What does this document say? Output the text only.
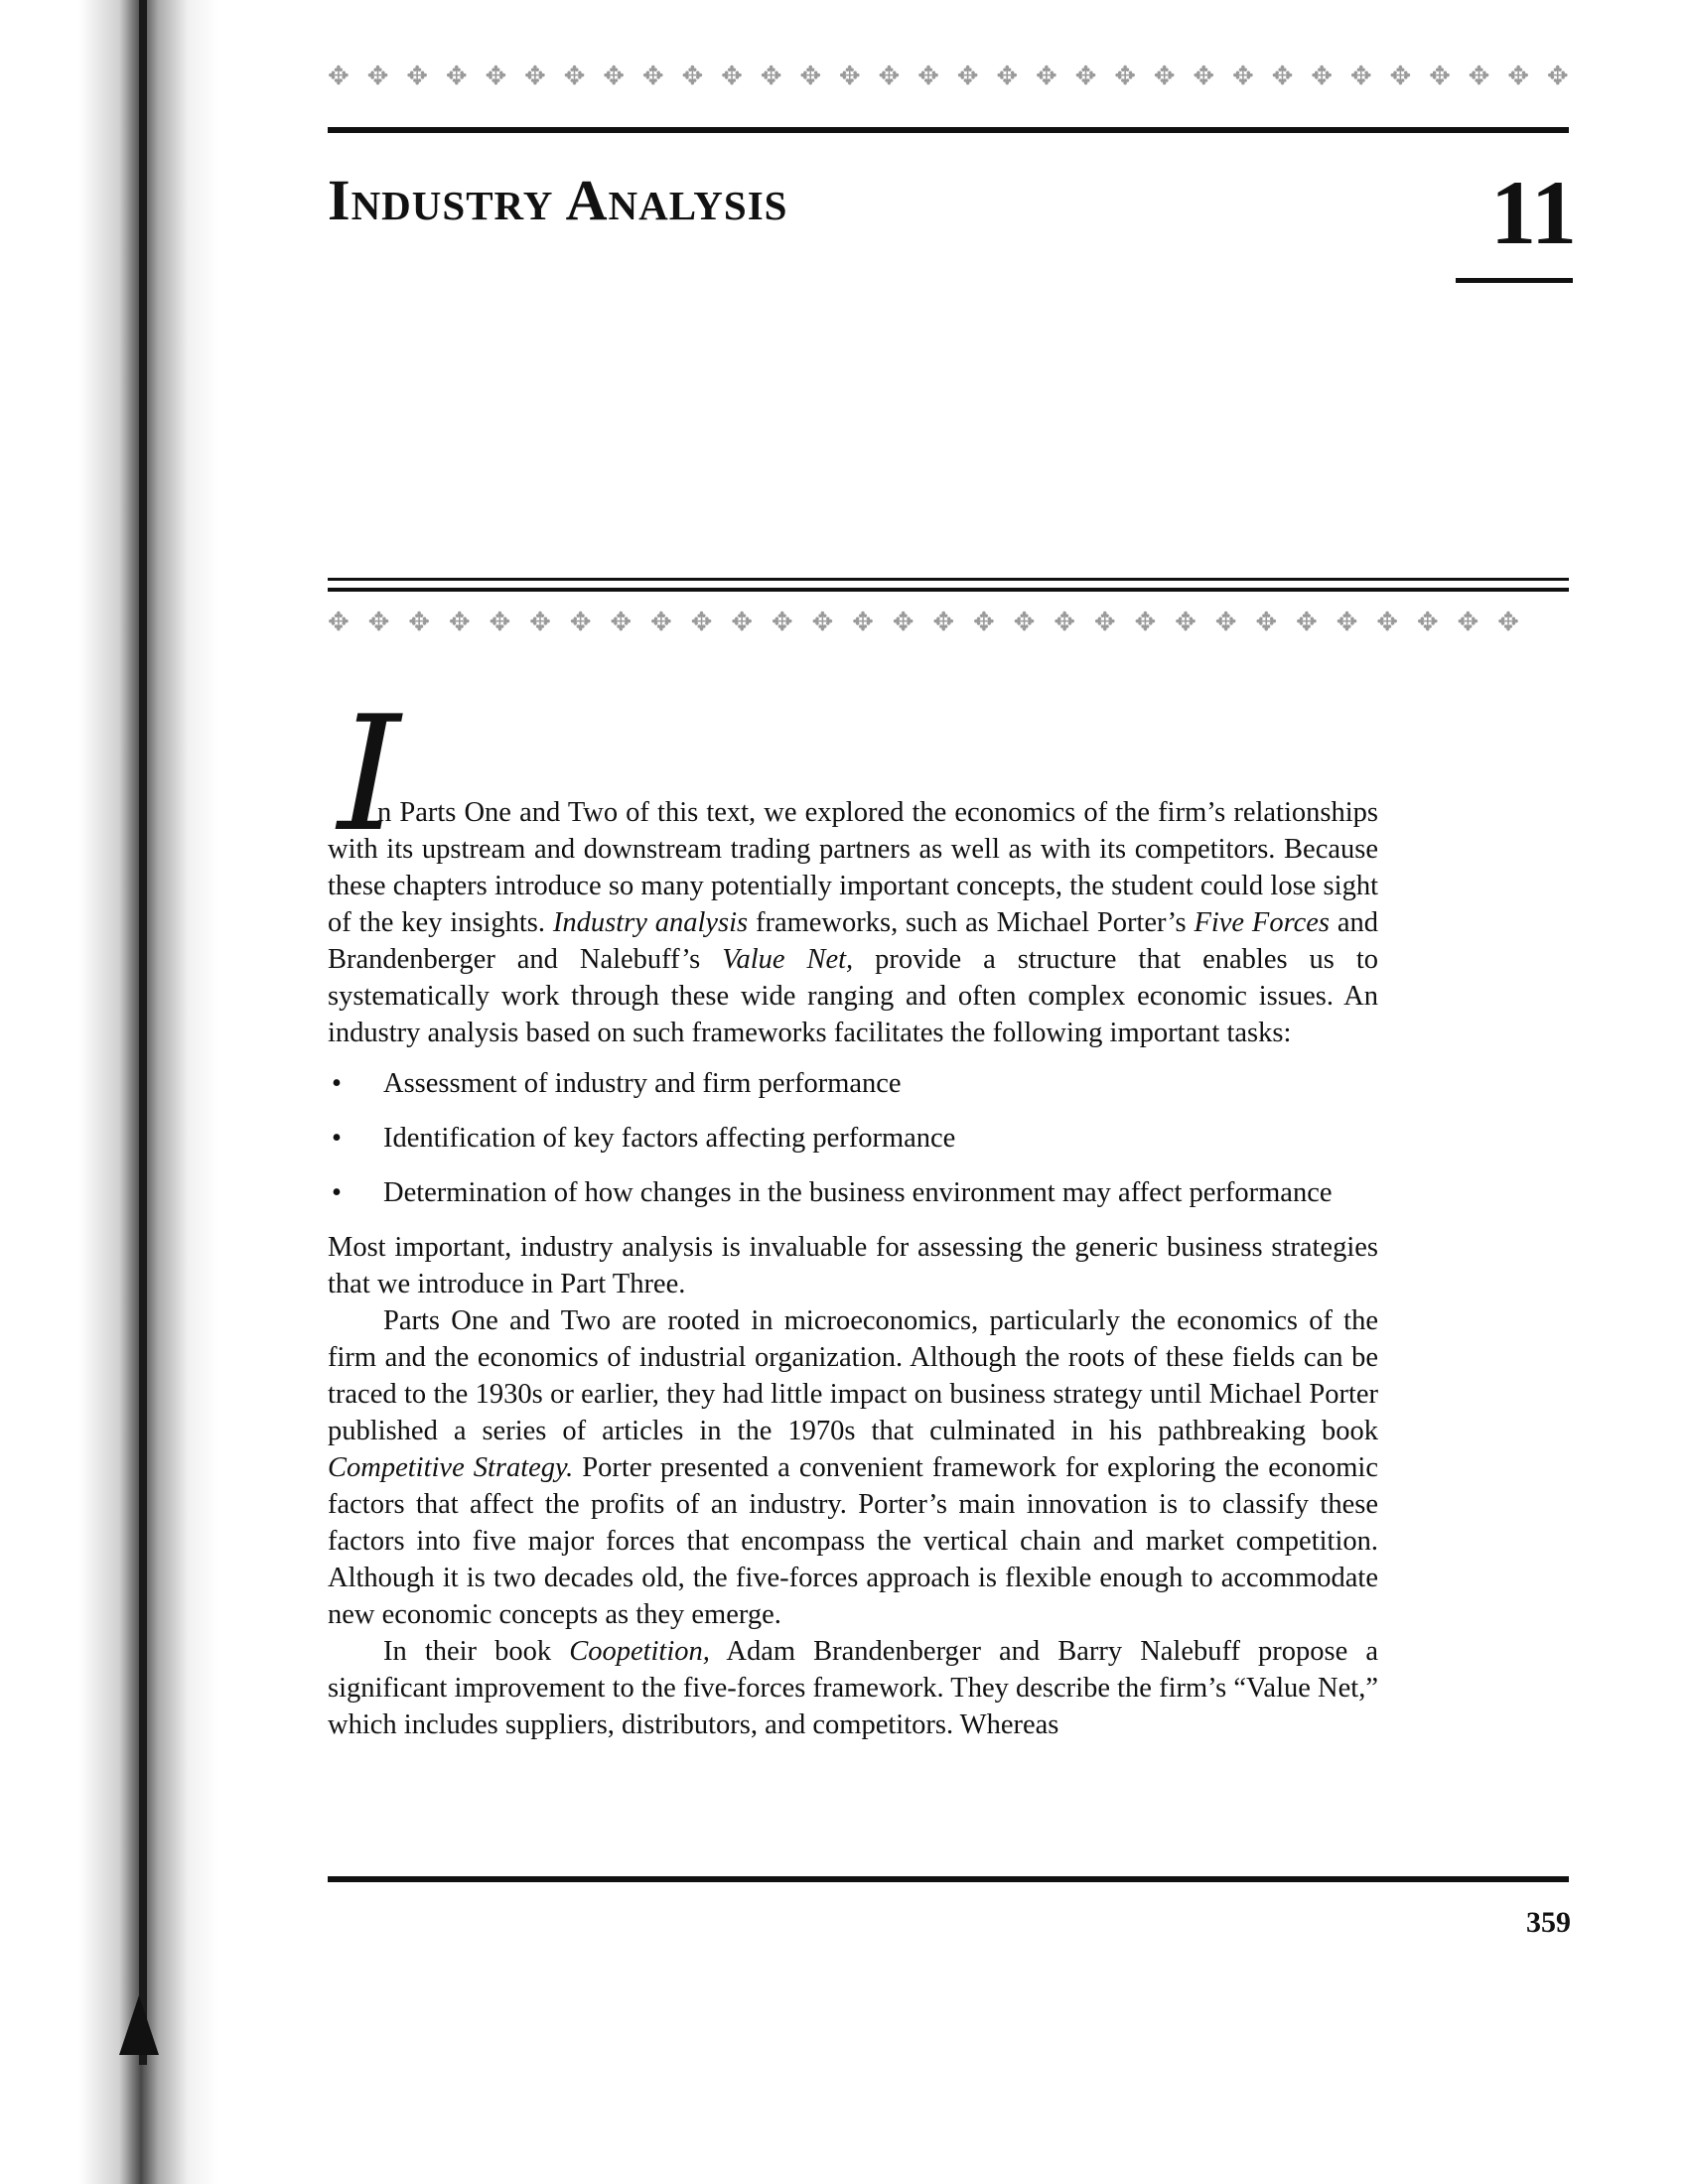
✥ ✥ ✥ ✥ ✥ ✥ ✥ ✥ ✥ ✥ ✥ ✥ ✥ ✥ ✥ ✥ ✥ ✥ ✥ ✥ ✥ ✥ ✥ ✥ ✥ ✥ ✥ ✥ ✥ ✥ ✥ ✥
Industry Analysis	11
✥ ✥ ✥ ✥ ✥ ✥ ✥ ✥ ✥ ✥ ✥ ✥ ✥ ✥ ✥ ✥ ✥ ✥ ✥ ✥ ✥ ✥ ✥ ✥ ✥ ✥ ✥ ✥ ✥ ✥
I

n Parts One and Two of this text, we explored the economics of the firm’s relationships with its upstream and downstream trading partners as well as with its competitors. Because these chapters introduce so many potentially important concepts, the student could lose sight of the key insights. Industry analysis frameworks, such as Michael Porter’s Five Forces and Brandenberger and Nalebuff’s Value Net, provide a structure that enables us to systematically work through these wide ranging and often complex economic issues. An industry analysis based on such frameworks facilitates the following important tasks:

• Assessment of industry and firm performance
• Identification of key factors affecting performance
• Determination of how changes in the business environment may affect performance

Most important, industry analysis is invaluable for assessing the generic business strategies that we introduce in Part Three.

Parts One and Two are rooted in microeconomics, particularly the economics of the firm and the economics of industrial organization. Although the roots of these fields can be traced to the 1930s or earlier, they had little impact on business strategy until Michael Porter published a series of articles in the 1970s that culminated in his pathbreaking book Competitive Strategy. Porter presented a convenient framework for exploring the economic factors that affect the profits of an industry. Porter’s main innovation is to classify these factors into five major forces that encompass the vertical chain and market competition. Although it is two decades old, the five-forces approach is flexible enough to accommodate new economic concepts as they emerge.

In their book Coopetition, Adam Brandenberger and Barry Nalebuff propose a significant improvement to the five-forces framework. They describe the firm’s “Value Net,” which includes suppliers, distributors, and competitors. Whereas

359
